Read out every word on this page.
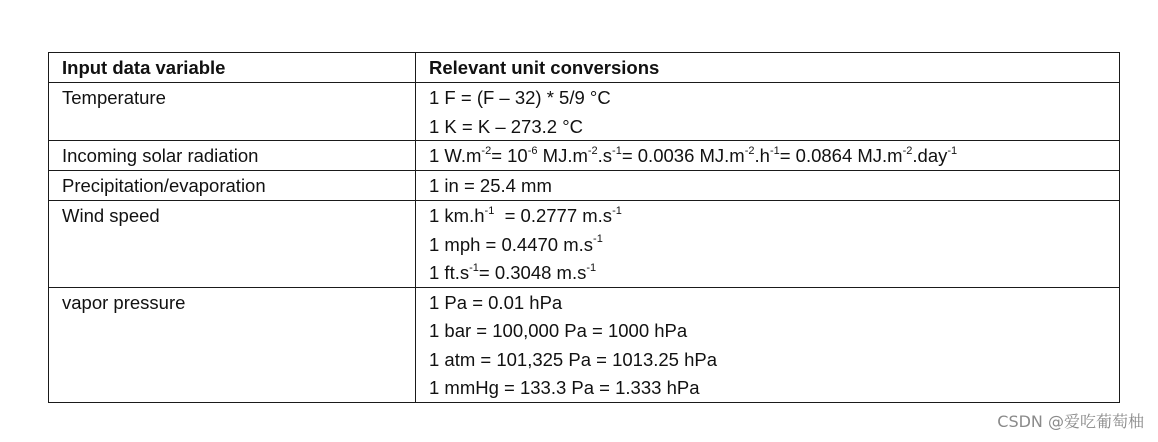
Input data variable	Relevant unit conversions

Temperature	1 F = (F – 32) * 5/9 °C
1 K = K – 273.2 °C

Incoming solar radiation	1 $W.m^{-2}= 10^{-6}$ $MJ.m^{-2}.s^{-1}= 0.0036$ $MJ.m^{-2}.h^{-1}= 0.0864$ $MJ.m^{-2}.day^{-1}$

Precipitation/evaporation	1 in = 25.4 mm

Wind speed	1 $km.h^{-1} = 0.2777$ $m.s^{-1}$
1 mph = 0.4470 $m.s^{-1}$
1 $ft.s^{-1}= 0.3048$ $m.s^{-1}$

vapor pressure	1 Pa = 0.01 hPa
1 bar = 100,000 Pa = 1000 hPa
1 atm = 101,325 Pa = 1013.25 hPa
1 mmHg = 133.3 Pa = 1.333 hPa
CSDN @爱吃葡萄柚
